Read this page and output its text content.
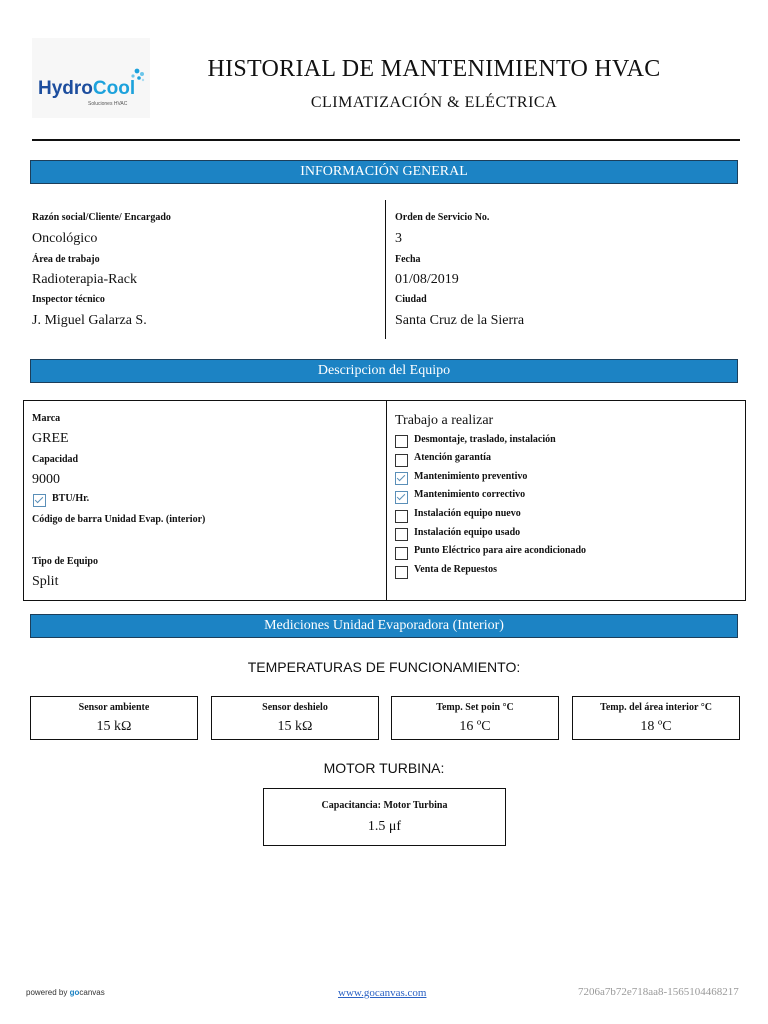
HydroCool
Soluciones HVAC
HISTORIAL DE MANTENIMIENTO HVAC
CLIMATIZACIÓN & ELÉCTRICA
INFORMACIÓN GENERAL
Razón social/Cliente/ Encargado
Oncológico
Área de trabajo
Radioterapia-Rack
Inspector técnico
J. Miguel Galarza S.
Orden de Servicio No.
3
Fecha
01/08/2019
Ciudad
Santa Cruz de la Sierra
Descripcion del Equipo
Marca
GREE
Capacidad
9000
BTU/Hr.
Código de barra Unidad Evap. (interior)
Tipo de Equipo
Split
Trabajo a realizar
Desmontaje, traslado, instalación
Atención garantía
Mantenimiento preventivo
Mantenimiento correctivo
Instalación equipo nuevo
Instalación equipo usado
Punto Eléctrico para aire acondicionado
Venta de Repuestos
Mediciones Unidad Evaporadora (Interior)
TEMPERATURAS DE FUNCIONAMIENTO:
Sensor ambiente
15 kΩ
Sensor deshielo
15 kΩ
Temp. Set poin °C
16 ºC
Temp. del área interior °C
18 ºC
MOTOR TURBINA:
Capacitancia: Motor Turbina
1.5 μf
powered by gocanvas	www.gocanvas.com	7206a7b72e718aa8-1565104468217
